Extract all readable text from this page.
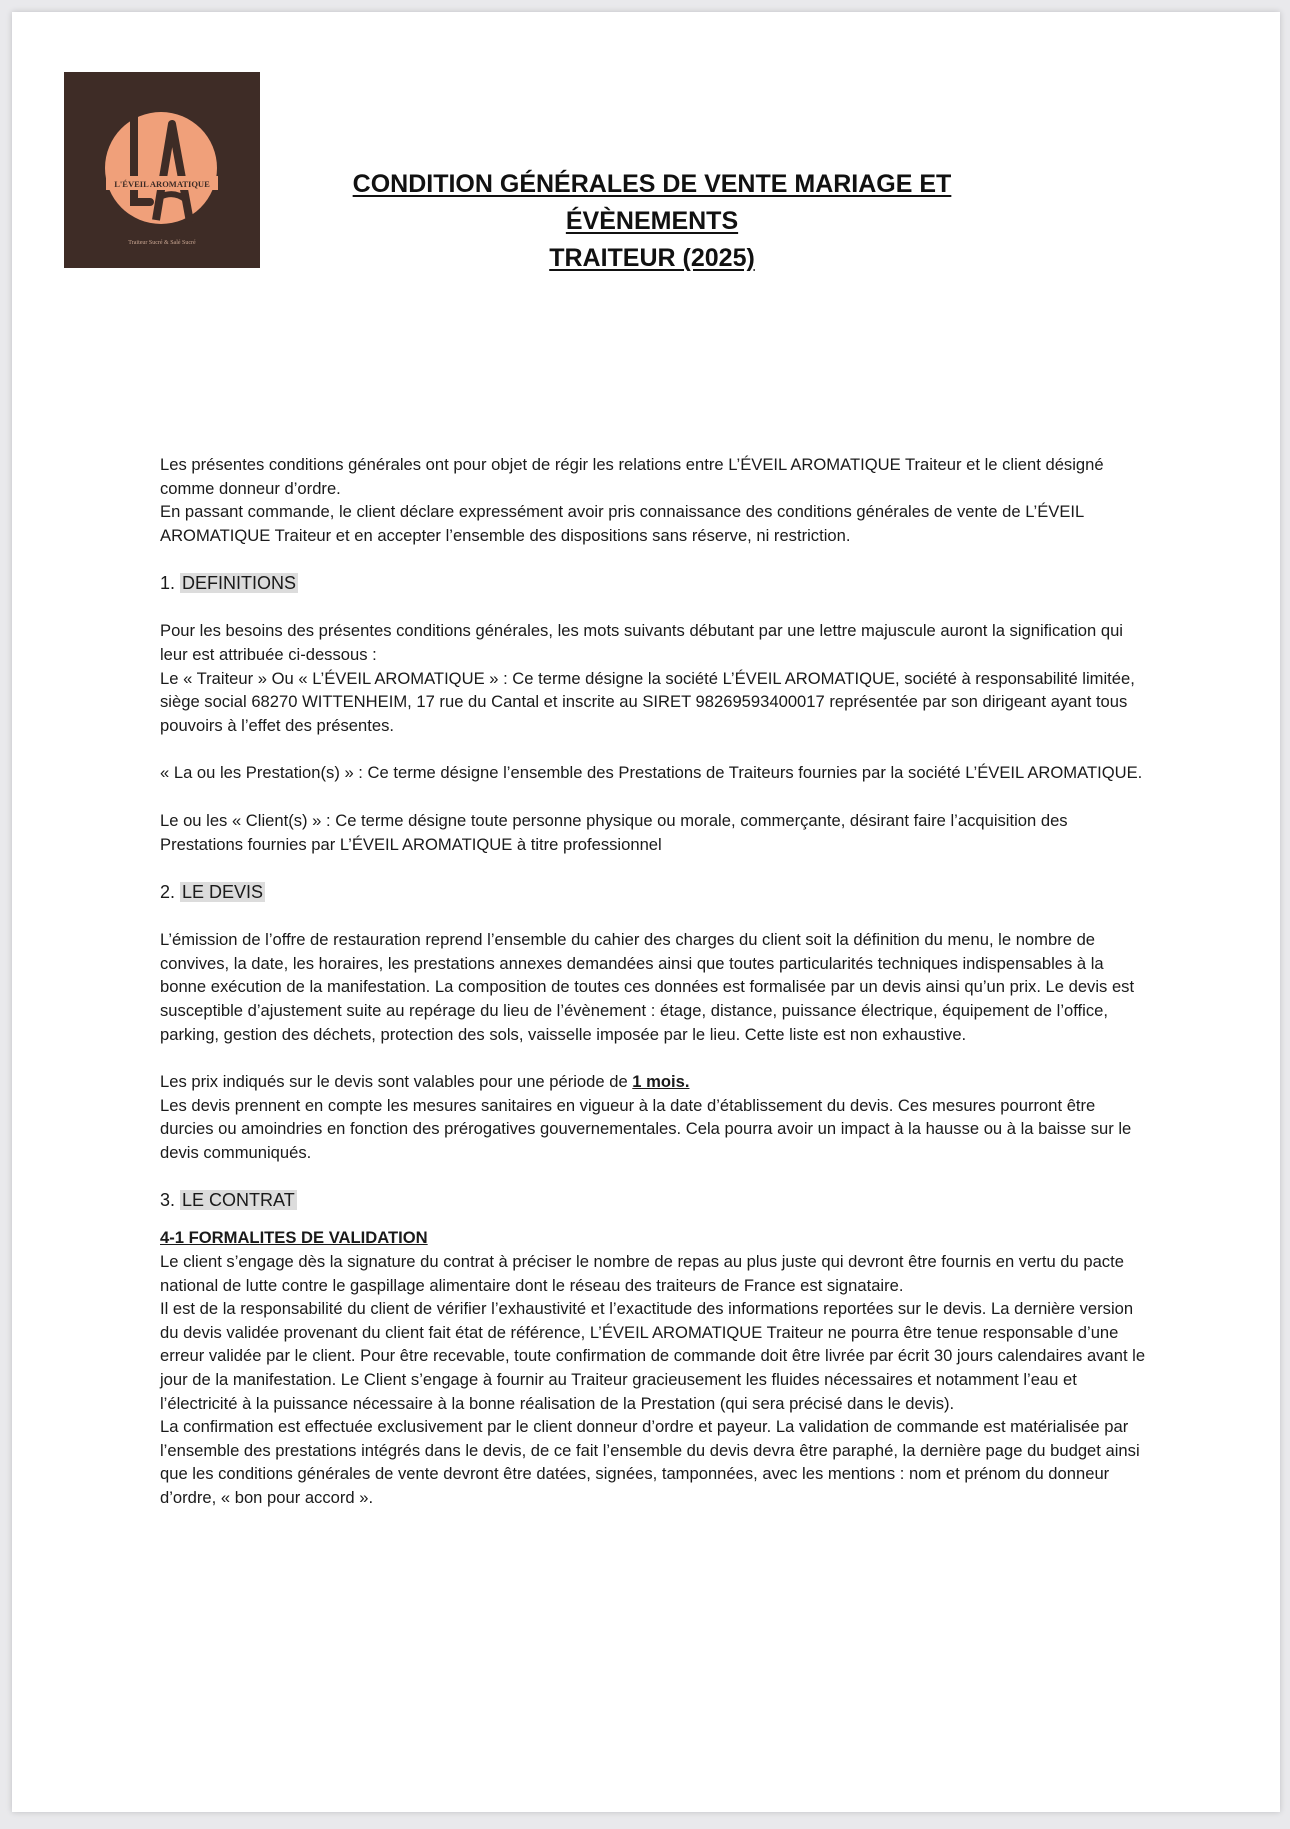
L'ÉVEIL AROMATIQUE
Traiteur Sucré & Salé Sucré
CONDITION GÉNÉRALES DE VENTE MARIAGE ET ÉVÈNEMENTS
TRAITEUR (2025)

Les présentes conditions générales ont pour objet de régir les relations entre L’ÉVEIL AROMATIQUE Traiteur et le client désigné comme donneur d’ordre.

En passant commande, le client déclare expressément avoir pris connaissance des conditions générales de vente de L’ÉVEIL AROMATIQUE Traiteur et en accepter l’ensemble des dispositions sans réserve, ni restriction.

1. DEFINITIONS

Pour les besoins des présentes conditions générales, les mots suivants débutant par une lettre majuscule auront la signification qui leur est attribuée ci-dessous :

Le « Traiteur » Ou « L’ÉVEIL AROMATIQUE » : Ce terme désigne la société L’ÉVEIL AROMATIQUE, société à responsabilité limitée, siège social 68270 WITTENHEIM, 17 rue du Cantal et inscrite au SIRET 98269593400017 représentée par son dirigeant ayant tous pouvoirs à l’effet des présentes.

« La ou les Prestation(s) » : Ce terme désigne l’ensemble des Prestations de Traiteurs fournies par la société L’ÉVEIL AROMATIQUE.

Le ou les « Client(s) » : Ce terme désigne toute personne physique ou morale, commerçante, désirant faire l’acquisition des Prestations fournies par L’ÉVEIL AROMATIQUE à titre professionnel

2. LE DEVIS

L’émission de l’offre de restauration reprend l’ensemble du cahier des charges du client soit la définition du menu, le nombre de convives, la date, les horaires, les prestations annexes demandées ainsi que toutes particularités techniques indispensables à la bonne exécution de la manifestation. La composition de toutes ces données est formalisée par un devis ainsi qu’un prix. Le devis est susceptible d’ajustement suite au repérage du lieu de l’évènement : étage, distance, puissance électrique, équipement de l’office, parking, gestion des déchets, protection des sols, vaisselle imposée par le lieu. Cette liste est non exhaustive.

Les prix indiqués sur le devis sont valables pour une période de 1 mois.

Les devis prennent en compte les mesures sanitaires en vigueur à la date d’établissement du devis. Ces mesures pourront être durcies ou amoindries en fonction des prérogatives gouvernementales. Cela pourra avoir un impact à la hausse ou à la baisse sur le devis communiqués.

3. LE CONTRAT

4-1 FORMALITES DE VALIDATION

Le client s’engage dès la signature du contrat à préciser le nombre de repas au plus juste qui devront être fournis en vertu du pacte national de lutte contre le gaspillage alimentaire dont le réseau des traiteurs de France est signataire.

Il est de la responsabilité du client de vérifier l’exhaustivité et l’exactitude des informations reportées sur le devis. La dernière version du devis validée provenant du client fait état de référence, L’ÉVEIL AROMATIQUE Traiteur ne pourra être tenue responsable d’une erreur validée par le client. Pour être recevable, toute confirmation de commande doit être livrée par écrit 30 jours calendaires avant le jour de la manifestation. Le Client s’engage à fournir au Traiteur gracieusement les fluides nécessaires et notamment l’eau et l’électricité à la puissance nécessaire à la bonne réalisation de la Prestation (qui sera précisé dans le devis).

La confirmation est effectuée exclusivement par le client donneur d’ordre et payeur. La validation de commande est matérialisée par l’ensemble des prestations intégrés dans le devis, de ce fait l’ensemble du devis devra être paraphé, la dernière page du budget ainsi que les conditions générales de vente devront être datées, signées, tamponnées, avec les mentions : nom et prénom du donneur d’ordre, « bon pour accord ».
